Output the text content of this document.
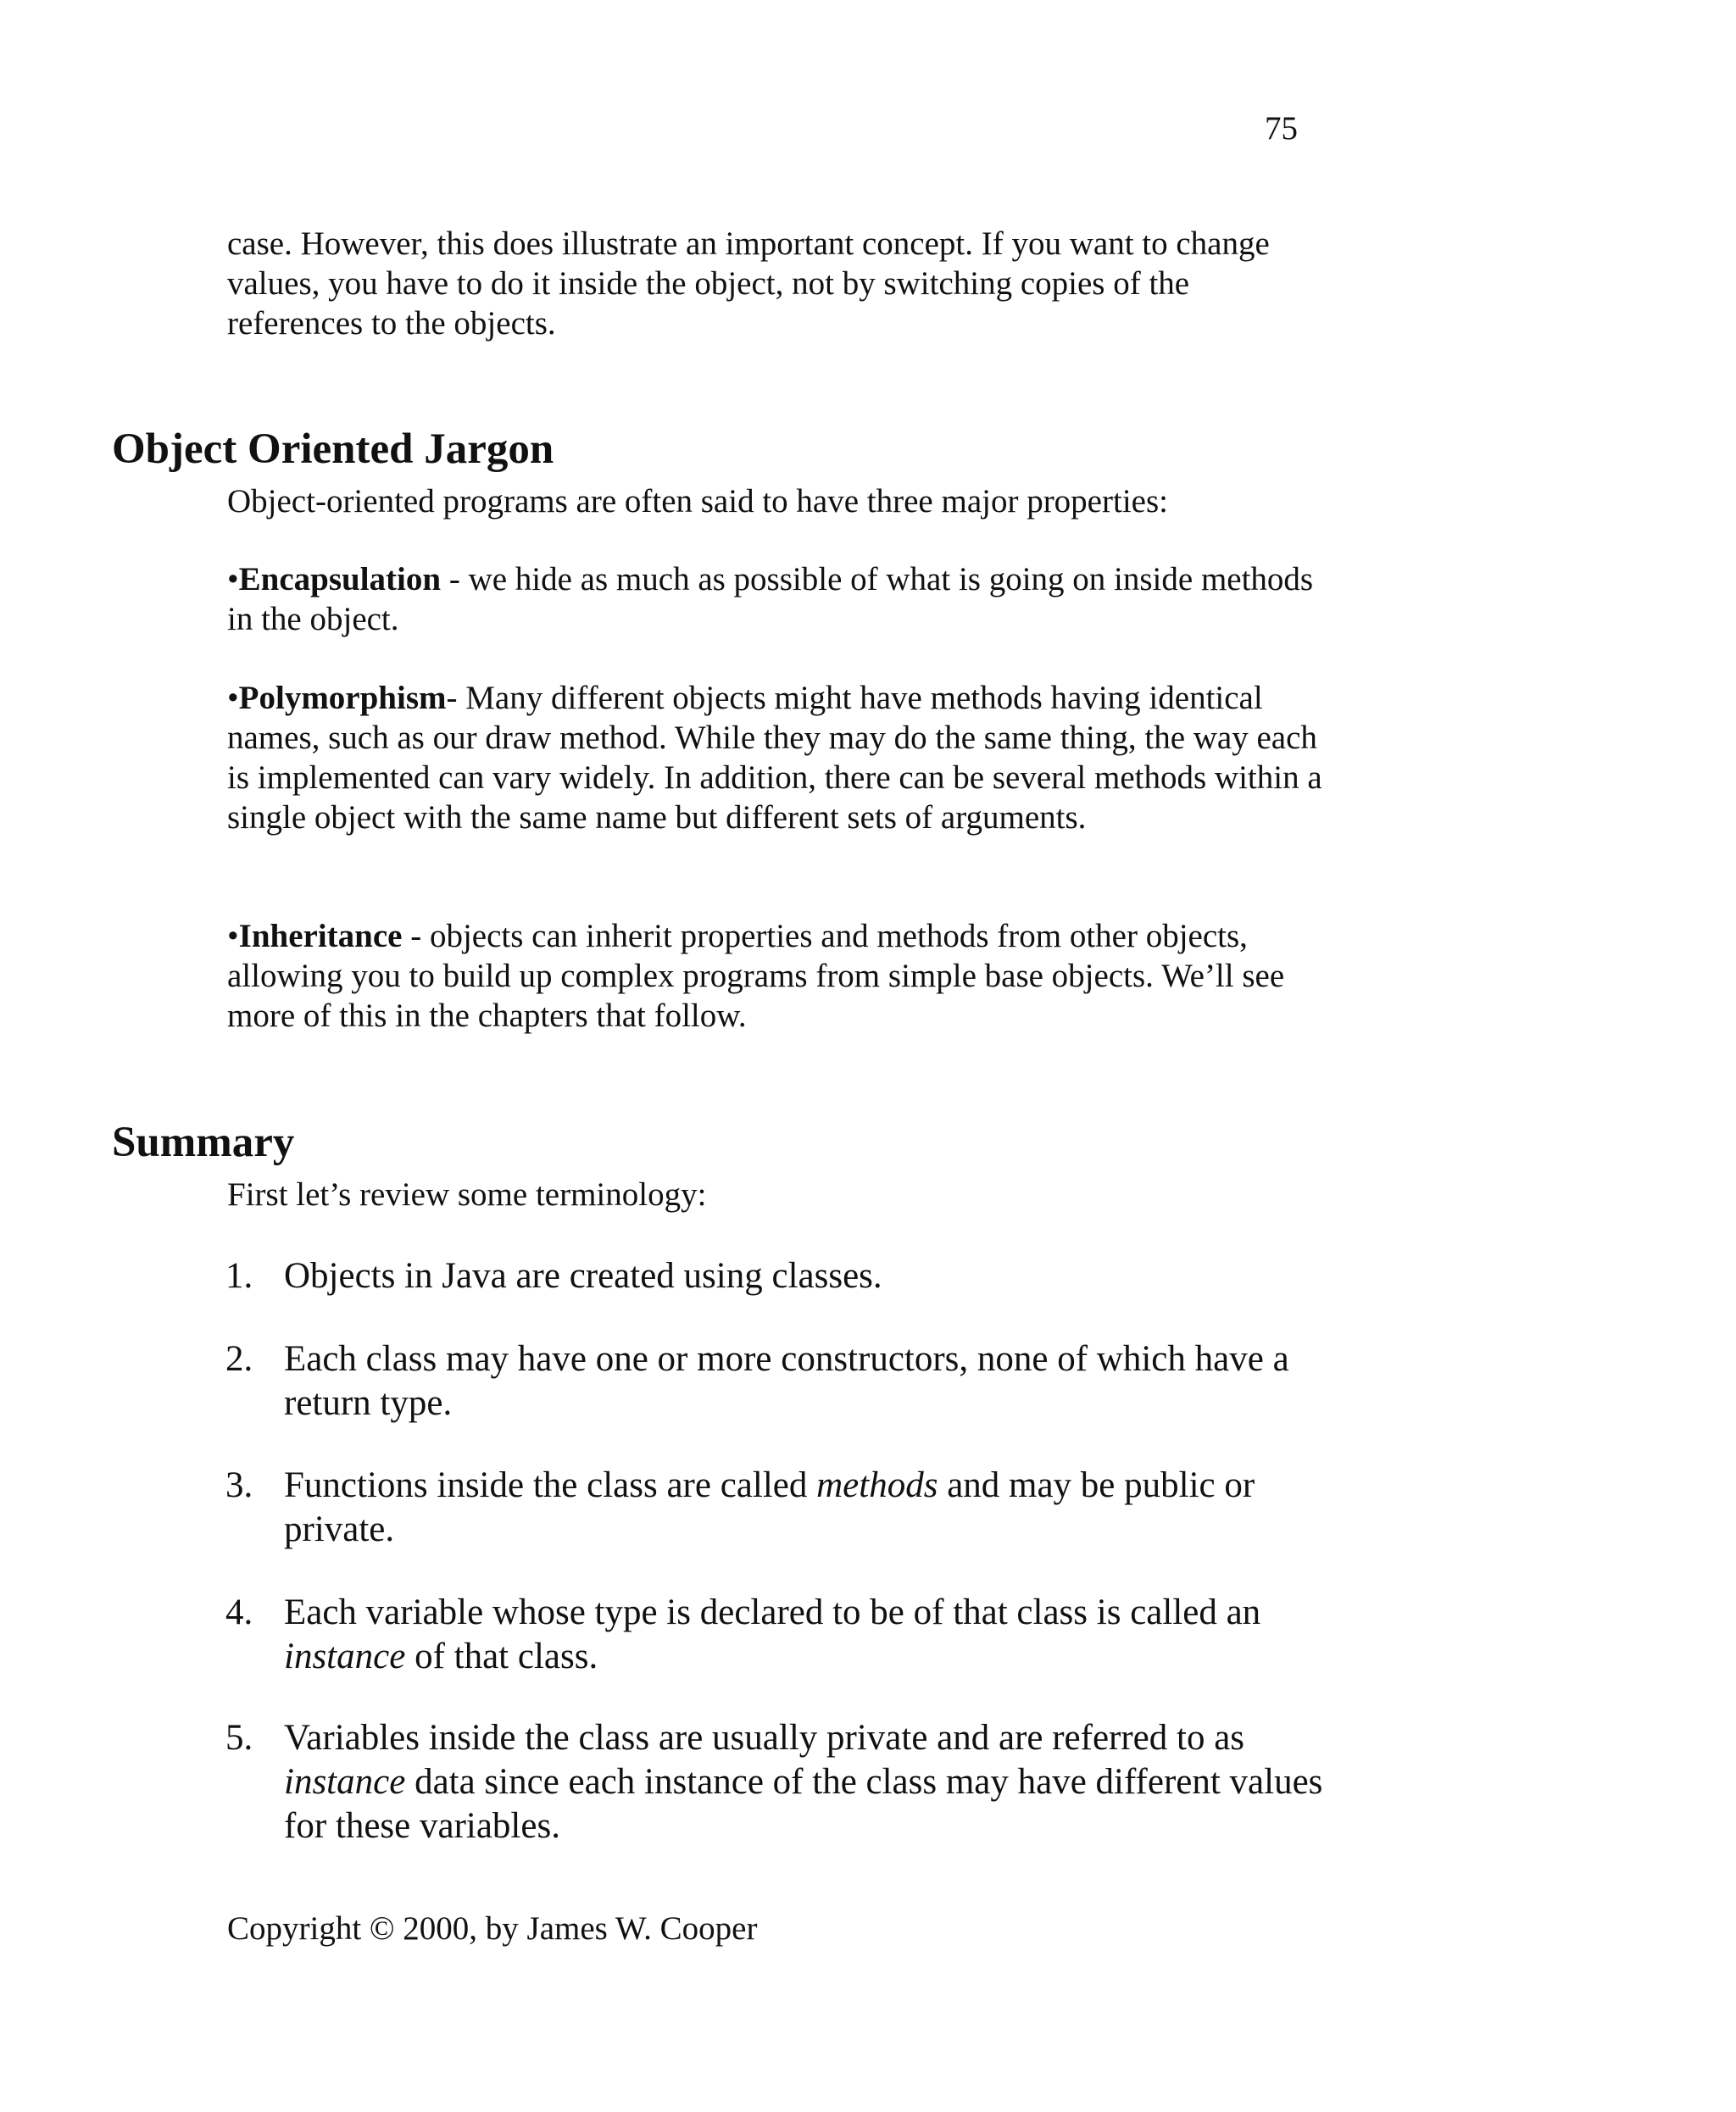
75
case. However, this does illustrate an important concept. If you want to change values, you have to do it inside the object, not by switching copies of the references to the objects.
Object Oriented Jargon
Object-oriented programs are often said to have three major properties:
•Encapsulation - we hide as much as possible of what is going on inside methods in the object.
•Polymorphism- Many different objects might have methods having identical names, such as our draw method. While they may do the same thing, the way each is implemented can vary widely. In addition, there can be several methods within a single object with the same name but different sets of arguments.
•Inheritance - objects can inherit properties and methods from other objects, allowing you to build up complex programs from simple base objects. We’ll see more of this in the chapters that follow.
Summary
First let’s review some terminology:
1. Objects in Java are created using classes.
2. Each class may have one or more constructors, none of which have a return type.
3. Functions inside the class are called methods and may be public or private.
4. Each variable whose type is declared to be of that class is called an instance of that class.
5. Variables inside the class are usually private and are referred to as
instance data since each instance of the class may have different values for these variables.
Copyright © 2000, by James W. Cooper
